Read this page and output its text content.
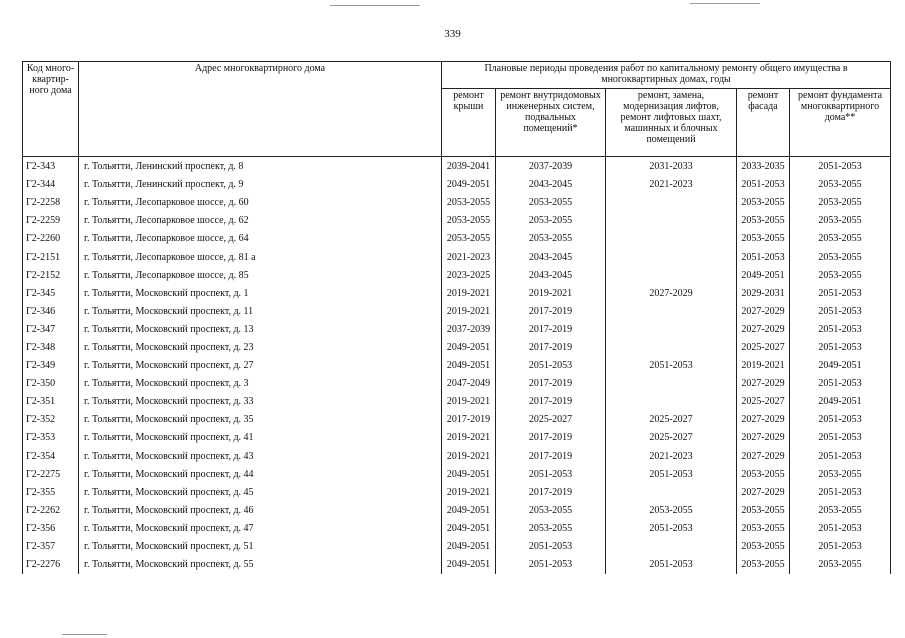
339
Код много-квартир-ного дома	Адрес многоквартирного дома	Плановые периоды проведения работ по капитальному ремонту общего имущества в многоквартирных домах, годы				
		ремонт крыши	ремонт внутридомовых инженерных систем, подвальных помещений*	ремонт, замена, модернизация лифтов, ремонт лифтовых шахт, машинных и блочных помещений	ремонт фасада	ремонт фундамента многоквартирного дома**
Г2-343	г. Тольятти, Ленинский проспект, д. 8	2039-2041	2037-2039	2031-2033	2033-2035	2051-2053
Г2-344	г. Тольятти, Ленинский проспект, д. 9	2049-2051	2043-2045	2021-2023	2051-2053	2053-2055
Г2-2258	г. Тольятти, Лесопарковое шоссе, д. 60	2053-2055	2053-2055		2053-2055	2053-2055
Г2-2259	г. Тольятти, Лесопарковое шоссе, д. 62	2053-2055	2053-2055		2053-2055	2053-2055
Г2-2260	г. Тольятти, Лесопарковое шоссе, д. 64	2053-2055	2053-2055		2053-2055	2053-2055
Г2-2151	г. Тольятти, Лесопарковое шоссе, д. 81 а	2021-2023	2043-2045		2051-2053	2053-2055
Г2-2152	г. Тольятти, Лесопарковое шоссе, д. 85	2023-2025	2043-2045		2049-2051	2053-2055
Г2-345	г. Тольятти, Московский проспект, д. 1	2019-2021	2019-2021	2027-2029	2029-2031	2051-2053
Г2-346	г. Тольятти, Московский проспект, д. 11	2019-2021	2017-2019		2027-2029	2051-2053
Г2-347	г. Тольятти, Московский проспект, д. 13	2037-2039	2017-2019		2027-2029	2051-2053
Г2-348	г. Тольятти, Московский проспект, д. 23	2049-2051	2017-2019		2025-2027	2051-2053
Г2-349	г. Тольятти, Московский проспект, д. 27	2049-2051	2051-2053	2051-2053	2019-2021	2049-2051
Г2-350	г. Тольятти, Московский проспект, д. 3	2047-2049	2017-2019		2027-2029	2051-2053
Г2-351	г. Тольятти, Московский проспект, д. 33	2019-2021	2017-2019		2025-2027	2049-2051
Г2-352	г. Тольятти, Московский проспект, д. 35	2017-2019	2025-2027	2025-2027	2027-2029	2051-2053
Г2-353	г. Тольятти, Московский проспект, д. 41	2019-2021	2017-2019	2025-2027	2027-2029	2051-2053
Г2-354	г. Тольятти, Московский проспект, д. 43	2019-2021	2017-2019	2021-2023	2027-2029	2051-2053
Г2-2275	г. Тольятти, Московский проспект, д. 44	2049-2051	2051-2053	2051-2053	2053-2055	2053-2055
Г2-355	г. Тольятти, Московский проспект, д. 45	2019-2021	2017-2019		2027-2029	2051-2053
Г2-2262	г. Тольятти, Московский проспект, д. 46	2049-2051	2053-2055	2053-2055	2053-2055	2053-2055
Г2-356	г. Тольятти, Московский проспект, д. 47	2049-2051	2053-2055	2051-2053	2053-2055	2051-2053
Г2-357	г. Тольятти, Московский проспект, д. 51	2049-2051	2051-2053		2053-2055	2051-2053
Г2-2276	г. Тольятти, Московский проспект, д. 55	2049-2051	2051-2053	2051-2053	2053-2055	2053-2055
